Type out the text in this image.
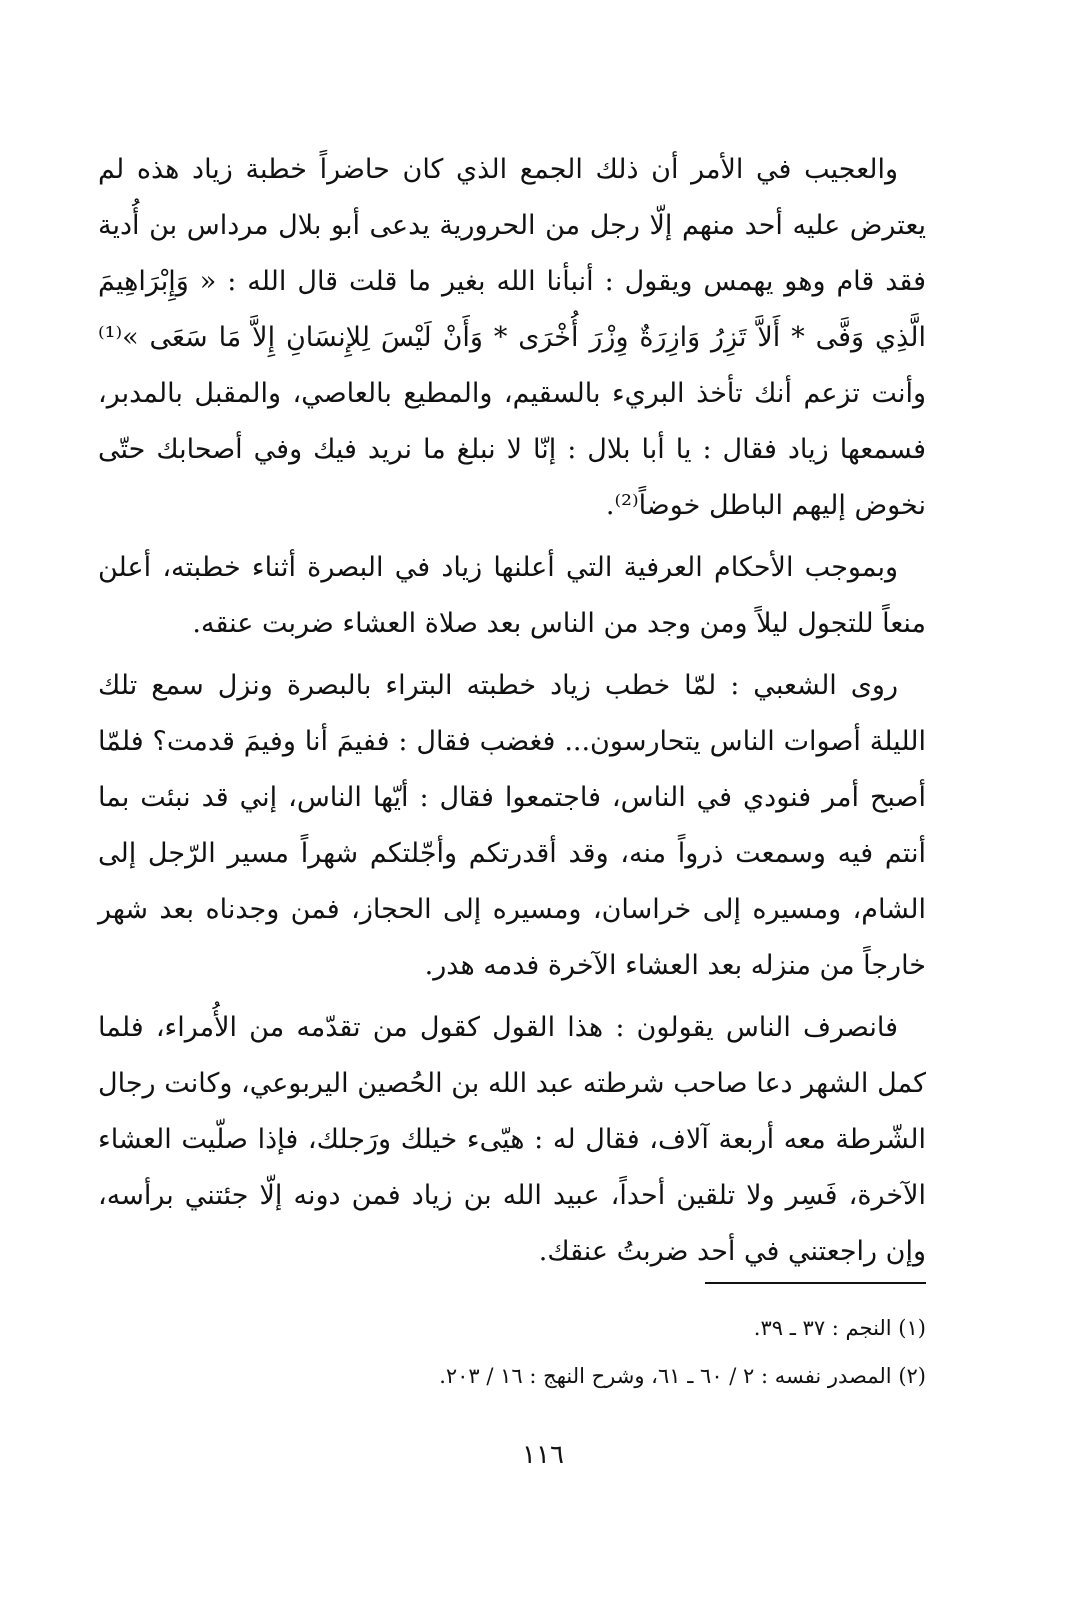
والعجيب في الأمر أن ذلك الجمع الذي كان حاضراً خطبة زياد هذه لم يعترض عليه أحد منهم إلّا رجل من الحرورية يدعى أبو بلال مرداس بن أُدية فقد قام وهو يهمس ويقول : أنبأنا الله بغير ما قلت قال الله : « وَإِبْرَاهِيمَ الَّذِي وَفَّى * أَلاَّ تَزِرُ وَازِرَةٌ وِزْرَ أُخْرَى * وَأَنْ لَيْسَ لِلإِنسَانِ إِلاَّ مَا سَعَى »⁽¹⁾ وأنت تزعم أنك تأخذ البريء بالسقيم، والمطيع بالعاصي، والمقبل بالمدبر، فسمعها زياد فقال : يا أبا بلال : إنّا لا نبلغ ما نريد فيك وفي أصحابك حتّى نخوض إليهم الباطل خوضاً⁽²⁾.

وبموجب الأحكام العرفية التي أعلنها زياد في البصرة أثناء خطبته، أعلن منعاً للتجول ليلاً ومن وجد من الناس بعد صلاة العشاء ضربت عنقه.

روى الشعبي : لمّا خطب زياد خطبته البتراء بالبصرة ونزل سمع تلك الليلة أصوات الناس يتحارسون... فغضب فقال : ففيمَ أنا وفيمَ قدمت؟ فلمّا أصبح أمر فنودي في الناس، فاجتمعوا فقال : أيّها الناس، إني قد نبئت بما أنتم فيه وسمعت ذرواً منه، وقد أقدرتكم وأجّلتكم شهراً مسير الرّجل إلى الشام، ومسيره إلى خراسان، ومسيره إلى الحجاز، فمن وجدناه بعد شهر خارجاً من منزله بعد العشاء الآخرة فدمه هدر.

فانصرف الناس يقولون : هذا القول كقول من تقدّمه من الأُمراء، فلما كمل الشهر دعا صاحب شرطته عبد الله بن الحُصين اليربوعي، وكانت رجال الشّرطة معه أربعة آلاف، فقال له : هيّىء خيلك ورَجلك، فإذا صلّيت العشاء الآخرة، فَسِر ولا تلقين أحداً، عبيد الله بن زياد فمن دونه إلّا جئتني برأسه، وإن راجعتني في أحد ضربتُ عنقك.

(١) النجم : ٣٧ ـ ٣٩.
(٢) المصدر نفسه : ٢ / ٦٠ ـ ٦١، وشرح النهج : ١٦ / ٢٠٣.
١١٦
